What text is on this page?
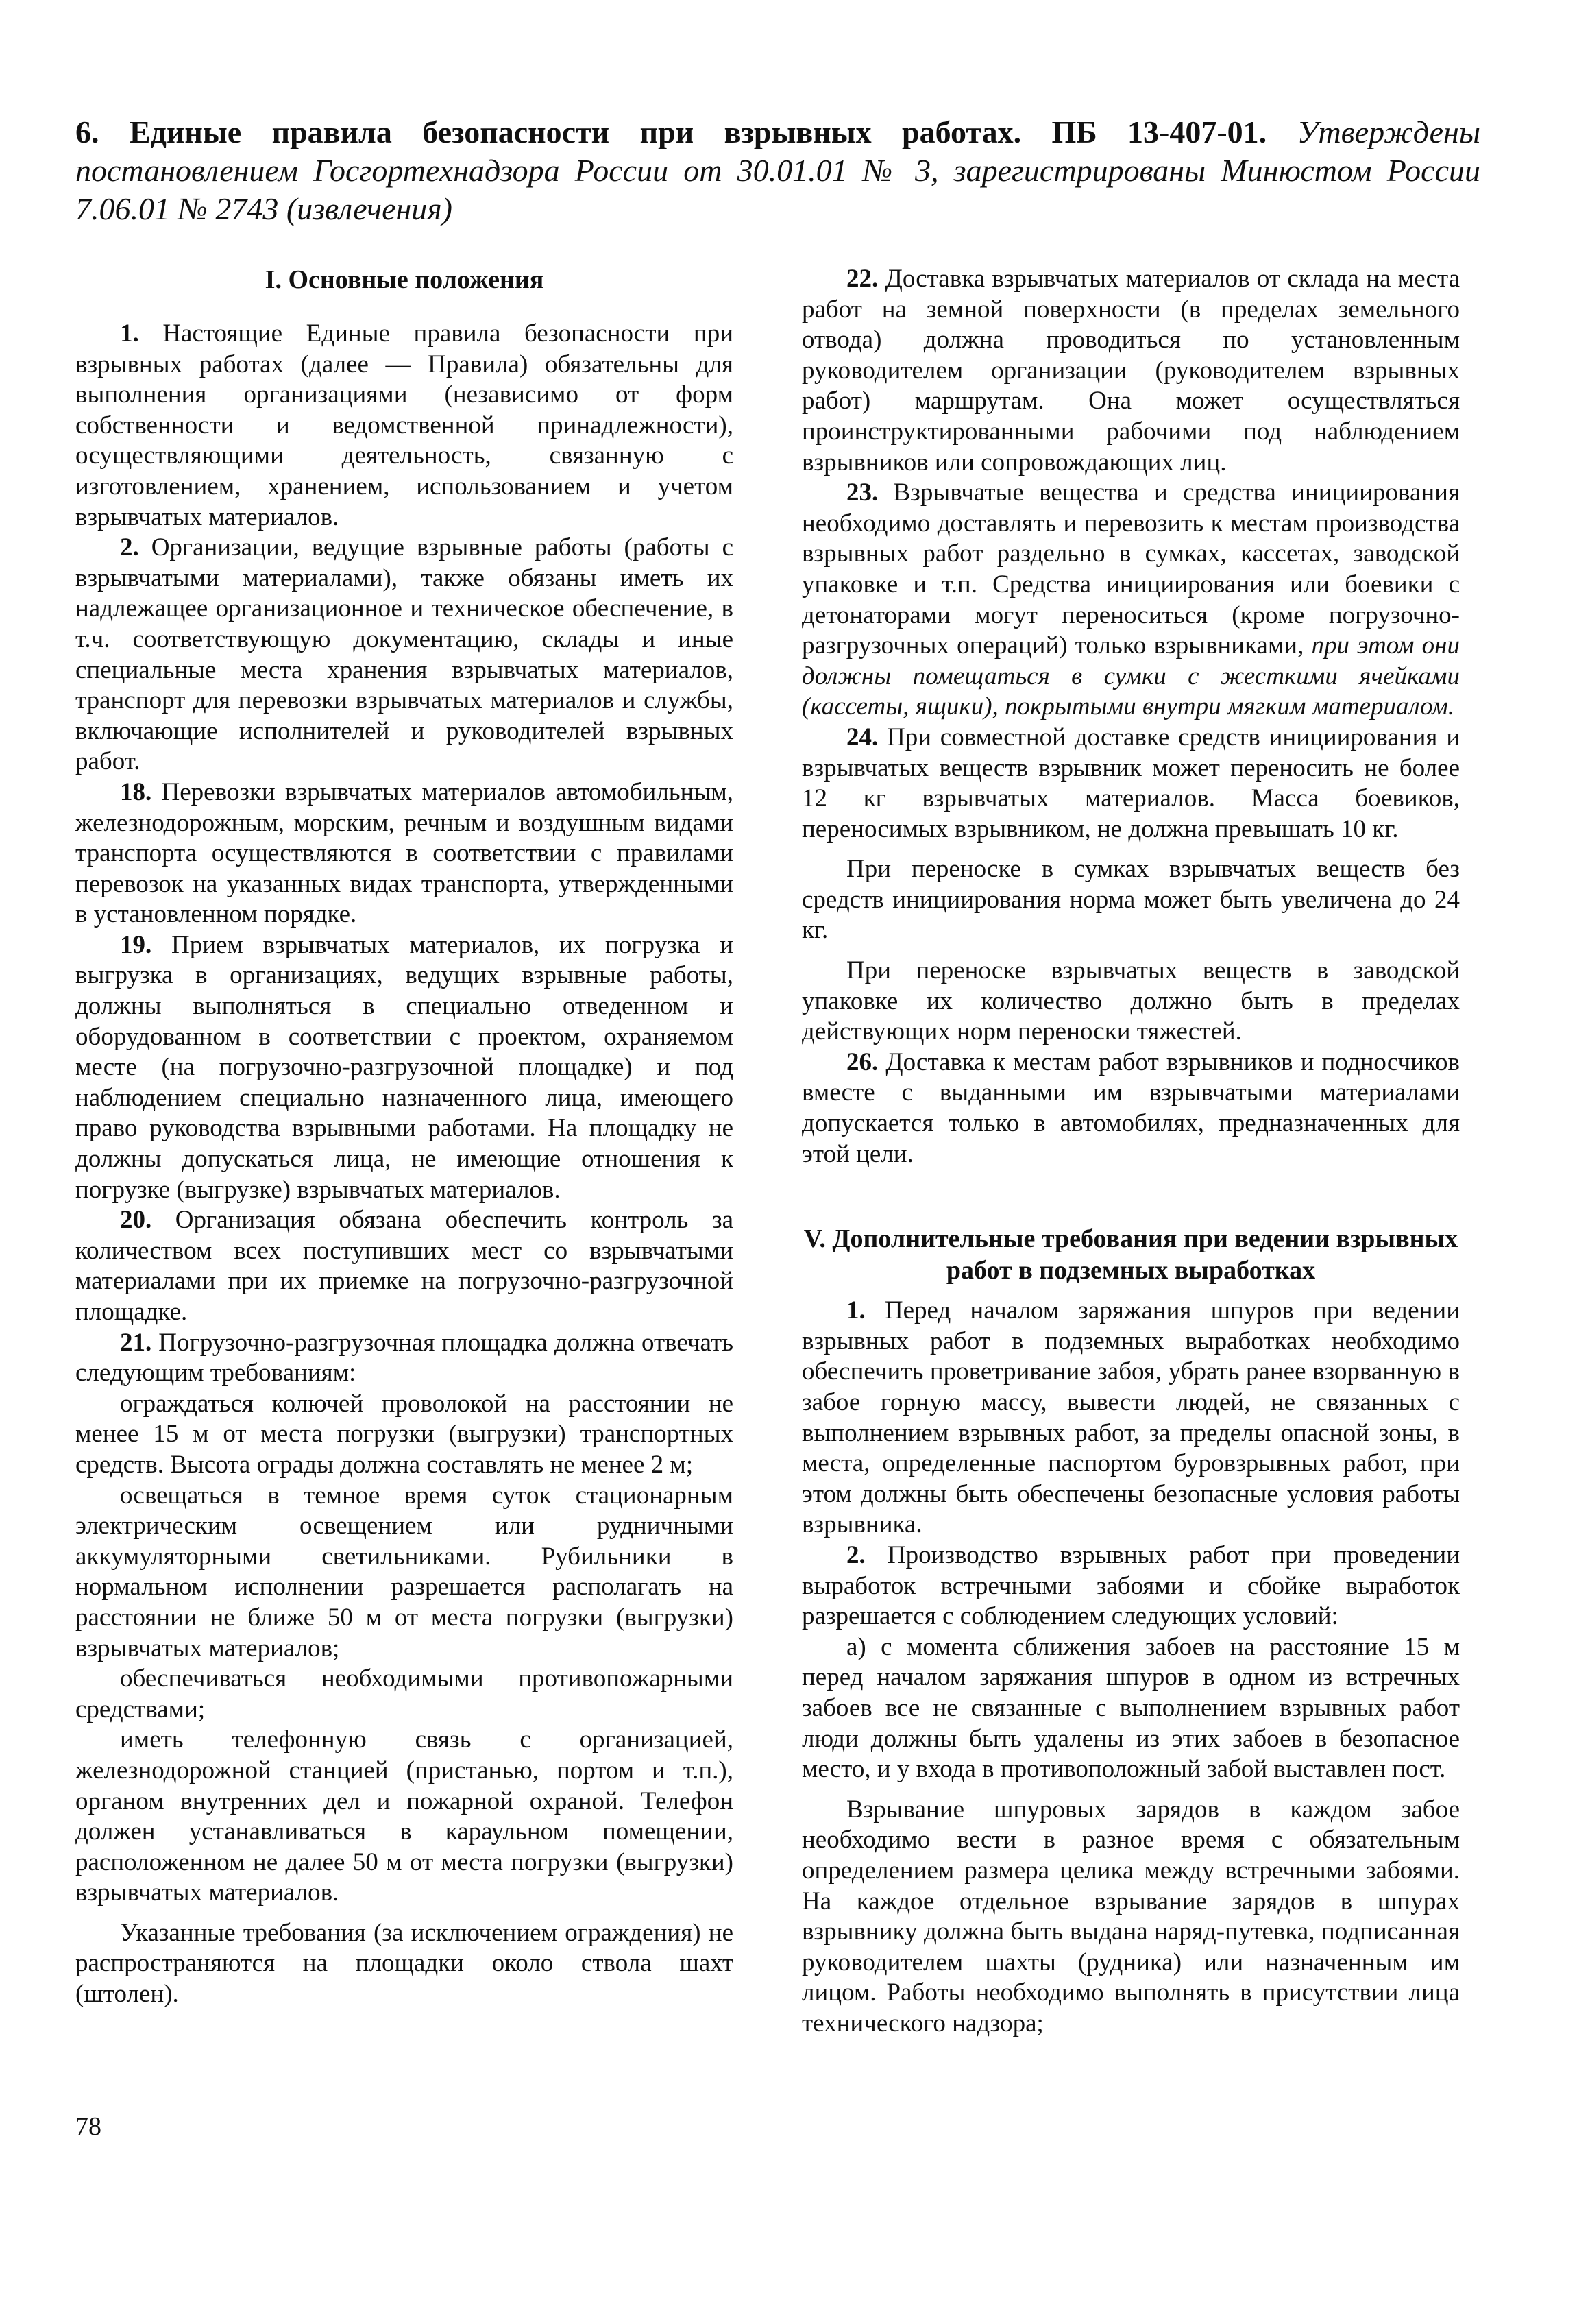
6. Единые правила безопасности при взрывных работах. ПБ 13-407-01. Утверждены постановлением Госгортехнадзора России от 30.01.01 № 3, зарегистрированы Минюстом России 7.06.01 № 2743 (извлечения)
I. Основные положения

1. Настоящие Единые правила безопасности при взрывных работах (далее — Правила) обязательны для выполнения организациями (независимо от форм собственности и ведомственной принадлежности), осуществляющими деятельность, связанную с изготовлением, хранением, использованием и учетом взрывчатых материалов.

2. Организации, ведущие взрывные работы (работы с взрывчатыми материалами), также обязаны иметь их надлежащее организационное и техническое обеспечение, в т.ч. соответствующую документацию, склады и иные специальные места хранения взрывчатых материалов, транспорт для перевозки взрывчатых материалов и службы, включающие исполнителей и руководителей взрывных работ.

18. Перевозки взрывчатых материалов автомобильным, железнодорожным, морским, речным и воздушным видами транспорта осуществляются в соответствии с правилами перевозок на указанных видах транспорта, утвержденными в установленном порядке.

19. Прием взрывчатых материалов, их погрузка и выгрузка в организациях, ведущих взрывные работы, должны выполняться в специально отведенном и оборудованном в соответствии с проектом, охраняемом месте (на погрузочно-разгрузочной площадке) и под наблюдением специально назначенного лица, имеющего право руководства взрывными работами. На площадку не должны допускаться лица, не имеющие отношения к погрузке (выгрузке) взрывчатых материалов.

20. Организация обязана обеспечить контроль за количеством всех поступивших мест со взрывчатыми материалами при их приемке на погрузочно-разгрузочной площадке.

21. Погрузочно-разгрузочная площадка должна отвечать следующим требованиям:

ограждаться колючей проволокой на расстоянии не менее 15 м от места погрузки (выгрузки) транспортных средств. Высота ограды должна составлять не менее 2 м;

освещаться в темное время суток стационарным электрическим освещением или рудничными аккумуляторными светильниками. Рубильники в нормальном исполнении разрешается располагать на расстоянии не ближе 50 м от места погрузки (выгрузки) взрывчатых материалов;

обеспечиваться необходимыми противопожарными средствами;

иметь телефонную связь с организацией, железнодорожной станцией (пристанью, портом и т.п.), органом внутренних дел и пожарной охраной. Телефон должен устанавливаться в караульном помещении, расположенном не далее 50 м от места погрузки (выгрузки) взрывчатых материалов.

Указанные требования (за исключением ограждения) не распространяются на площадки около ствола шахт (штолен).

22. Доставка взрывчатых материалов от склада на места работ на земной поверхности (в пределах земельного отвода) должна проводиться по установленным руководителем организации (руководителем взрывных работ) маршрутам. Она может осуществляться проинструктированными рабочими под наблюдением взрывников или сопровождающих лиц.

23. Взрывчатые вещества и средства инициирования необходимо доставлять и перевозить к местам производства взрывных работ раздельно в сумках, кассетах, заводской упаковке и т.п. Средства инициирования или боевики с детонаторами могут переноситься (кроме погрузочно-разгрузочных операций) только взрывниками, при этом они должны помещаться в сумки с жесткими ячейками (кассеты, ящики), покрытыми внутри мягким материалом.

24. При совместной доставке средств инициирования и взрывчатых веществ взрывник может переносить не более 12 кг взрывчатых материалов. Масса боевиков, переносимых взрывником, не должна превышать 10 кг.

При переноске в сумках взрывчатых веществ без средств инициирования норма может быть увеличена до 24 кг.

При переноске взрывчатых веществ в заводской упаковке их количество должно быть в пределах действующих норм переноски тяжестей.

26. Доставка к местам работ взрывников и подносчиков вместе с выданными им взрывчатыми материалами допускается только в автомобилях, предназначенных для этой цели.

V. Дополнительные требования при ведении взрывных работ в подземных выработках

1. Перед началом заряжания шпуров при ведении взрывных работ в подземных выработках необходимо обеспечить проветривание забоя, убрать ранее взорванную в забое горную массу, вывести людей, не связанных с выполнением взрывных работ, за пределы опасной зоны, в места, определенные паспортом буровзрывных работ, при этом должны быть обеспечены безопасные условия работы взрывника.

2. Производство взрывных работ при проведении выработок встречными забоями и сбойке выработок разрешается с соблюдением следующих условий:

а) с момента сближения забоев на расстояние 15 м перед началом заряжания шпуров в одном из встречных забоев все не связанные с выполнением взрывных работ люди должны быть удалены из этих забоев в безопасное место, и у входа в противоположный забой выставлен пост.

Взрывание шпуровых зарядов в каждом забое необходимо вести в разное время с обязательным определением размера целика между встречными забоями. На каждое отдельное взрывание зарядов в шпурах взрывнику должна быть выдана наряд-путевка, подписанная руководителем шахты (рудника) или назначенным им лицом. Работы необходимо выполнять в присутствии лица технического надзора;

78
